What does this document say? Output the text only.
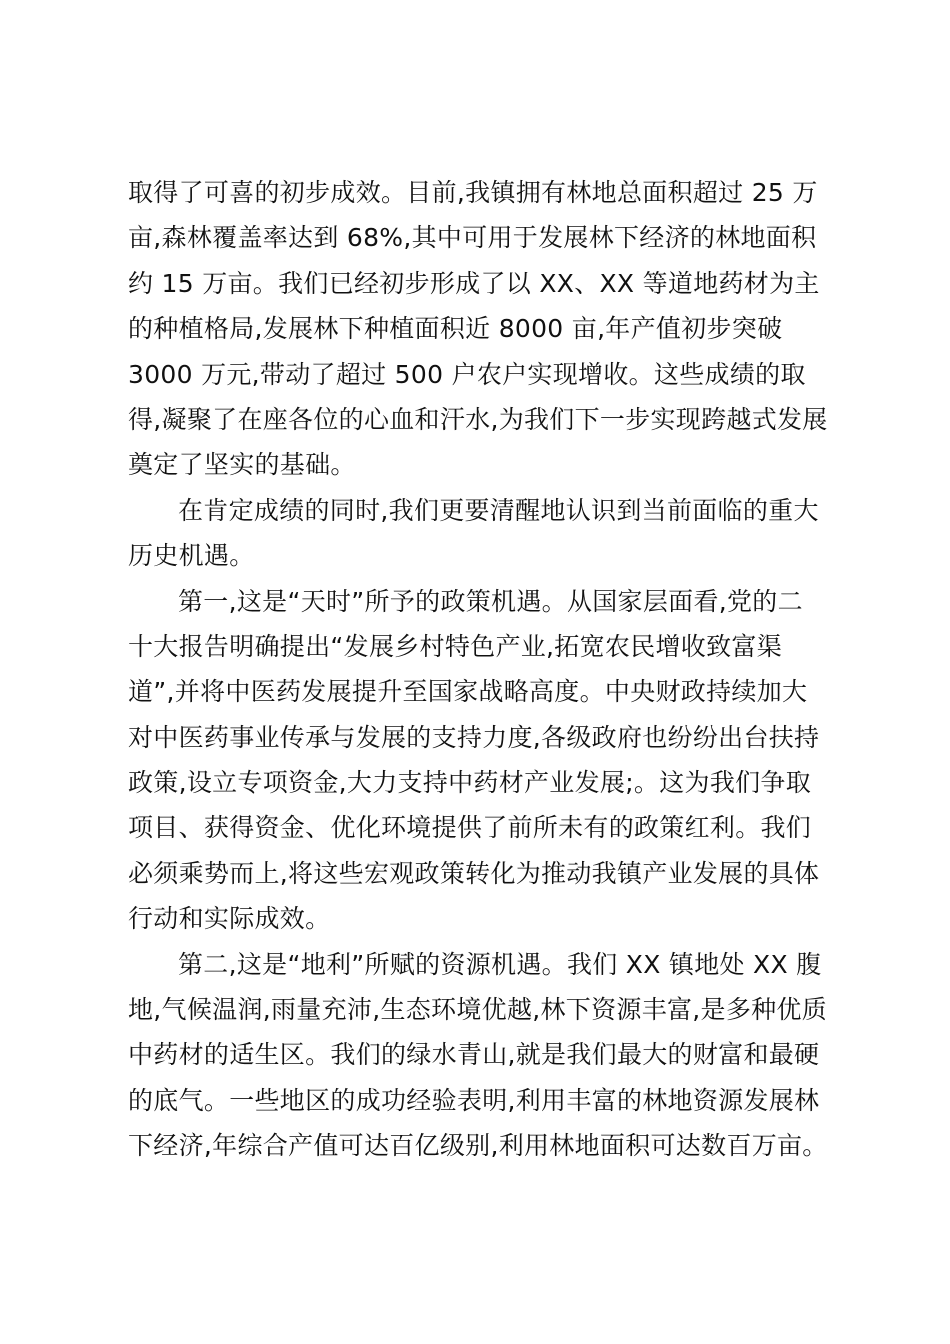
取得了可喜的初步成效。目前,我镇拥有林地总面积超过 25 万
亩,森林覆盖率达到 68%,其中可用于发展林下经济的林地面积
约 15 万亩。我们已经初步形成了以 XX、XX 等道地药材为主
的种植格局,发展林下种植面积近 8000 亩,年产值初步突破
3000 万元,带动了超过 500 户农户实现增收。这些成绩的取
得,凝聚了在座各位的心血和汗水,为我们下一步实现跨越式发展
奠定了坚实的基础。
在肯定成绩的同时,我们更要清醒地认识到当前面临的重大
历史机遇。
第一,这是“天时”所予的政策机遇。从国家层面看,党的二
十大报告明确提出“发展乡村特色产业,拓宽农民增收致富渠
道”,并将中医药发展提升至国家战略高度。中央财政持续加大
对中医药事业传承与发展的支持力度,各级政府也纷纷出台扶持
政策,设立专项资金,大力支持中药材产业发展;。这为我们争取
项目、获得资金、优化环境提供了前所未有的政策红利。我们
必须乘势而上,将这些宏观政策转化为推动我镇产业发展的具体
行动和实际成效。
第二,这是“地利”所赋的资源机遇。我们 XX 镇地处 XX 腹
地,气候温润,雨量充沛,生态环境优越,林下资源丰富,是多种优质
中药材的适生区。我们的绿水青山,就是我们最大的财富和最硬
的底气。一些地区的成功经验表明,利用丰富的林地资源发展林
下经济,年综合产值可达百亿级别,利用林地面积可达数百万亩。
